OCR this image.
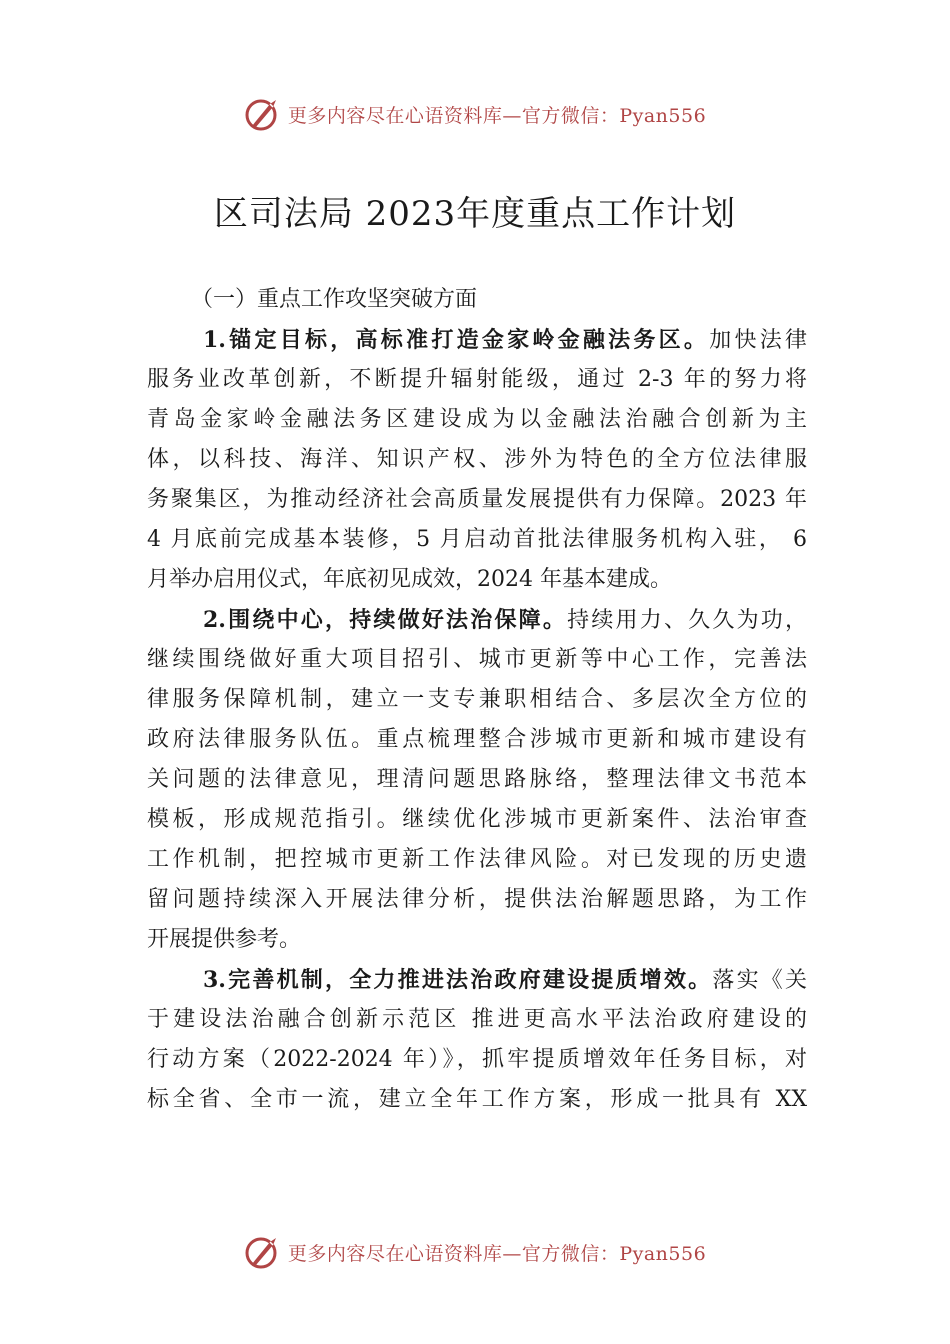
更多内容尽在心语资料库—官方微信：Pyan556
区司法局 2023年度重点工作计划
（一）重点工作攻坚突破方面
1.锚定目标，高标准打造金家岭金融法务区。加快法律
服务业改革创新，不断提升辐射能级，通过 2-3 年的努力将
青岛金家岭金融法务区建设成为以金融法治融合创新为主
体，以科技、海洋、知识产权、涉外为特色的全方位法律服
务聚集区，为推动经济社会高质量发展提供有力保障。2023 年
4 月底前完成基本装修，5 月启动首批法律服务机构入驻， 6
月举办启用仪式，年底初见成效，2024 年基本建成。
2.围绕中心，持续做好法治保障。持续用力、久久为功，
继续围绕做好重大项目招引、城市更新等中心工作，完善法
律服务保障机制，建立一支专兼职相结合、多层次全方位的
政府法律服务队伍。重点梳理整合涉城市更新和城市建设有
关问题的法律意见，理清问题思路脉络，整理法律文书范本
模板，形成规范指引。继续优化涉城市更新案件、法治审查
工作机制，把控城市更新工作法律风险。对已发现的历史遗
留问题持续深入开展法律分析，提供法治解题思路，为工作
开展提供参考。
3.完善机制，全力推进法治政府建设提质增效。落实《关
于建设法治融合创新示范区 推进更高水平法治政府建设的
行动方案（2022-2024 年）》，抓牢提质增效年任务目标，对
标全省、全市一流，建立全年工作方案，形成一批具有 XX
更多内容尽在心语资料库—官方微信：Pyan556
